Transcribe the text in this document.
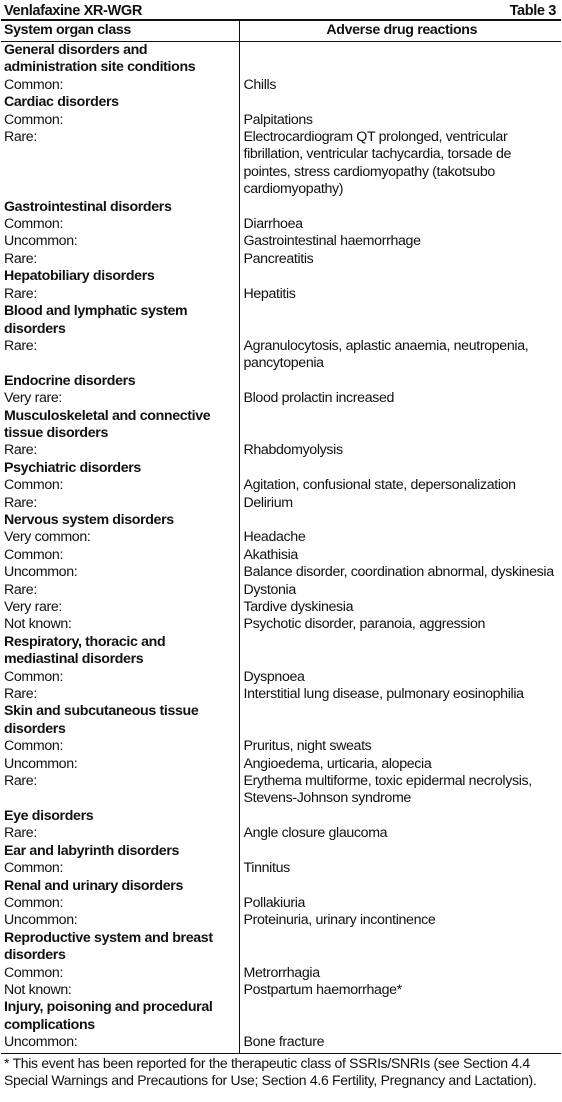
Venlafaxine XR-WGR	Table 3
System organ class	Adverse drug reactions
General disorders and administration site conditions	
Common:	Chills
Cardiac disorders	
Common:	Palpitations
Rare:	Electrocardiogram QT prolonged, ventricular fibrillation, ventricular tachycardia, torsade de pointes, stress cardiomyopathy (takotsubo cardiomyopathy)
Gastrointestinal disorders	
Common:	Diarrhoea
Uncommon:	Gastrointestinal haemorrhage
Rare:	Pancreatitis
Hepatobiliary disorders	
Rare:	Hepatitis
Blood and lymphatic system disorders	
Rare:	Agranulocytosis, aplastic anaemia, neutropenia, pancytopenia
Endocrine disorders	
Very rare:	Blood prolactin increased
Musculoskeletal and connective tissue disorders	
Rare:	Rhabdomyolysis
Psychiatric disorders	
Common:	Agitation, confusional state, depersonalization
Rare:	Delirium
Nervous system disorders	
Very common:	Headache
Common:	Akathisia
Uncommon:	Balance disorder, coordination abnormal, dyskinesia
Rare:	Dystonia
Very rare:	Tardive dyskinesia
Not known:	Psychotic disorder, paranoia, aggression
Respiratory, thoracic and mediastinal disorders	
Common:	Dyspnoea
Rare:	Interstitial lung disease, pulmonary eosinophilia
Skin and subcutaneous tissue disorders	
Common:	Pruritus, night sweats
Uncommon:	Angioedema, urticaria, alopecia
Rare:	Erythema multiforme, toxic epidermal necrolysis, Stevens-Johnson syndrome
Eye disorders	
Rare:	Angle closure glaucoma
Ear and labyrinth disorders	
Common:	Tinnitus
Renal and urinary disorders	
Common:	Pollakiuria
Uncommon:	Proteinuria, urinary incontinence
Reproductive system and breast disorders	
Common:	Metrorrhagia
Not known:	Postpartum haemorrhage*
Injury, poisoning and procedural complications	
Uncommon:	Bone fracture
* This event has been reported for the therapeutic class of SSRIs/SNRIs (see Section 4.4 Special Warnings and Precautions for Use; Section 4.6 Fertility, Pregnancy and Lactation).
